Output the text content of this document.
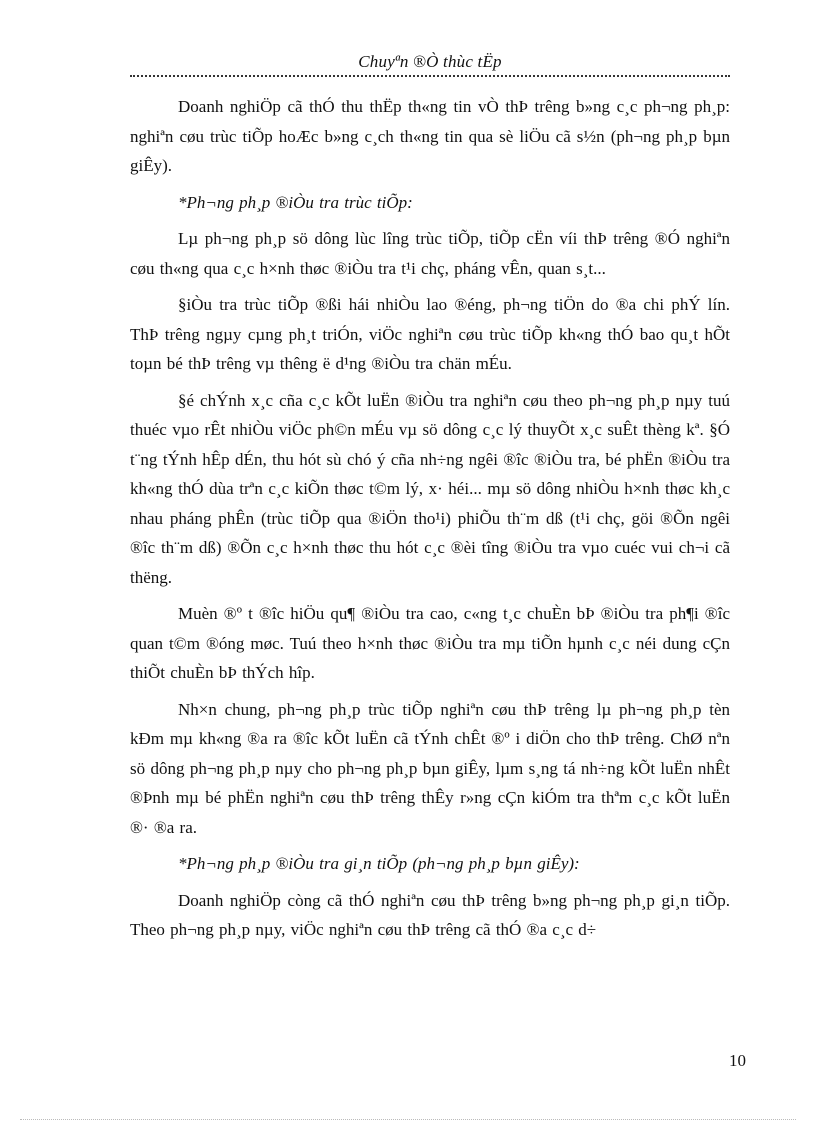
Chuyªn ®Ò thùc tËp

Doanh nghiÖp cã thÓ thu thËp th«ng tin vÒ thÞ trêng b»ng c¸c ph¬ng ph¸p: nghiªn cøu trùc tiÕp hoÆc b»ng c¸ch th«ng tin qua sè liÖu cã s½n (ph¬ng ph¸p bµn giÊy).

*Ph¬ng ph¸p ®iÒu tra trùc tiÕp:

Lµ ph¬ng ph¸p sö dông lùc lîng trùc tiÕp, tiÕp cËn víi thÞ trêng ®Ó nghiªn cøu th«ng qua c¸c h×nh thøc ®iÒu tra t¹i chç, pháng vÊn, quan s¸t...

§iÒu tra trùc tiÕp ®ßi hái nhiÒu lao ®éng, ph¬ng tiÖn do ®a chi phÝ lín. ThÞ trêng ngµy cµng ph¸t triÓn, viÖc nghiªn cøu trùc tiÕp kh«ng thÓ bao qu¸t hÕt toµn bé thÞ trêng vµ thêng ë d¹ng ®iÒu tra chän mÉu.

§é chÝnh x¸c cña c¸c kÕt luËn ®iÒu tra nghiªn cøu theo ph¬ng ph¸p nµy tuú thuéc vµo rÊt nhiÒu viÖc ph©n mÉu vµ sö dông c¸c lý thuyÕt x¸c suÊt thèng kª. §Ó t¨ng tÝnh hÊp dÉn, thu hót sù chó ý cña nh÷ng ngêi ®îc ®iÒu tra, bé phËn ®iÒu tra kh«ng thÓ dùa trªn c¸c kiÕn thøc t©m lý, x· héi... mµ sö dông nhiÒu h×nh thøc kh¸c nhau pháng phÊn (trùc tiÕp qua ®iÖn tho¹i) phiÕu th¨m dß (t¹i chç, göi ®Õn ngêi ®îc th¨m dß) ®Õn c¸c h×nh thøc thu hót c¸c ®èi tîng ®iÒu tra vµo cuéc vui ch¬i cã thëng.

Muèn ®º t ®îc hiÖu qu¶ ®iÒu tra cao, c«ng t¸c chuÈn bÞ ®iÒu tra ph¶i ®îc quan t©m ®óng møc. Tuú theo h×nh thøc ®iÒu tra mµ tiÕn hµnh c¸c néi dung cÇn thiÕt chuÈn bÞ thÝch hîp.

Nh×n chung, ph¬ng ph¸p trùc tiÕp nghiªn cøu thÞ trêng lµ ph¬ng ph¸p tèn kÐm mµ kh«ng ®a ra ®îc kÕt luËn cã tÝnh chÊt ®º i diÖn cho thÞ trêng. ChØ nªn sö dông ph¬ng ph¸p nµy cho ph¬ng ph¸p bµn giÊy, lµm s¸ng tá nh÷ng kÕt luËn nhÊt ®Þnh mµ bé phËn nghiªn cøu thÞ trêng thÊy r»ng cÇn kiÓm tra thªm c¸c kÕt luËn ®· ®a ra.

*Ph¬ng ph¸p ®iÒu tra gi¸n tiÕp (ph¬ng ph¸p bµn giÊy):

Doanh nghiÖp còng cã thÓ nghiªn cøu thÞ trêng b»ng ph¬ng ph¸p gi¸n tiÕp. Theo ph¬ng ph¸p nµy, viÖc nghiªn cøu thÞ trêng cã thÓ ®a c¸c d÷

10
